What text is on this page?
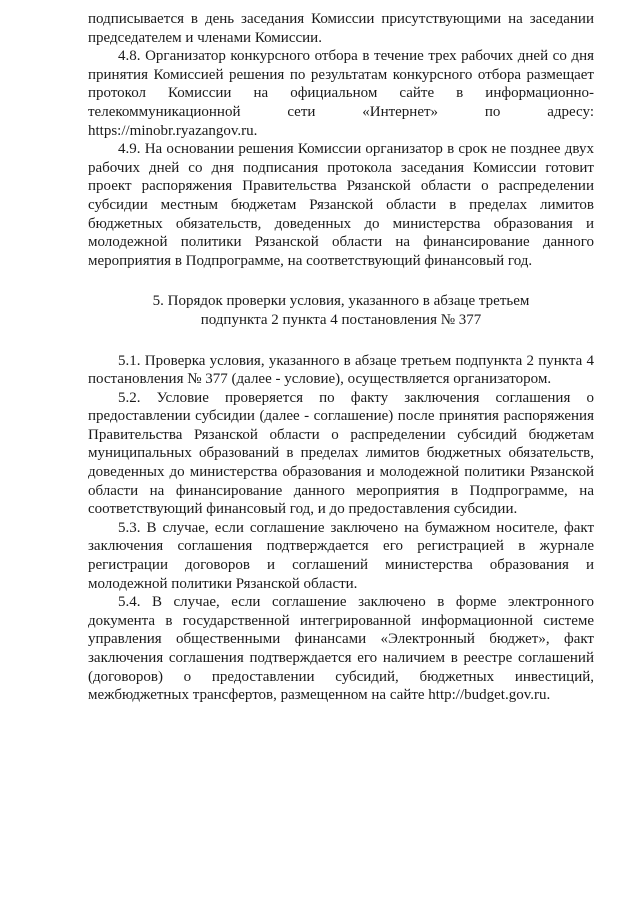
подписывается в день заседания Комиссии присутствующими на заседании председателем и членами Комиссии.

4.8. Организатор конкурсного отбора в течение трех рабочих дней со дня принятия Комиссией решения по результатам конкурсного отбора размещает протокол Комиссии на официальном сайте в информационно-телекоммуникационной сети «Интернет» по адресу: https://minobr.ryazangov.ru.

4.9. На основании решения Комиссии организатор в срок не позднее двух рабочих дней со дня подписания протокола заседания Комиссии готовит проект распоряжения Правительства Рязанской области о распределении субсидии местным бюджетам Рязанской области в пределах лимитов бюджетных обязательств, доведенных до министерства образования и молодежной политики Рязанской области на финансирование данного мероприятия в Подпрограмме, на соответствующий финансовый год.

5. Порядок проверки условия, указанного в абзаце третьем
подпункта 2 пункта 4 постановления № 377

5.1. Проверка условия, указанного в абзаце третьем подпункта 2 пункта 4 постановления № 377 (далее - условие), осуществляется организатором.

5.2. Условие проверяется по факту заключения соглашения о предоставлении субсидии (далее - соглашение) после принятия распоряжения Правительства Рязанской области о распределении субсидий бюджетам муниципальных образований в пределах лимитов бюджетных обязательств, доведенных до министерства образования и молодежной политики Рязанской области на финансирование данного мероприятия в Подпрограмме, на соответствующий финансовый год, и до предоставления субсидии.

5.3. В случае, если соглашение заключено на бумажном носителе, факт заключения соглашения подтверждается его регистрацией в журнале регистрации договоров и соглашений министерства образования и молодежной политики Рязанской области.

5.4. В случае, если соглашение заключено в форме электронного документа в государственной интегрированной информационной системе управления общественными финансами «Электронный бюджет», факт заключения соглашения подтверждается его наличием в реестре соглашений (договоров) о предоставлении субсидий, бюджетных инвестиций, межбюджетных трансфертов, размещенном на сайте http://budget.gov.ru.
